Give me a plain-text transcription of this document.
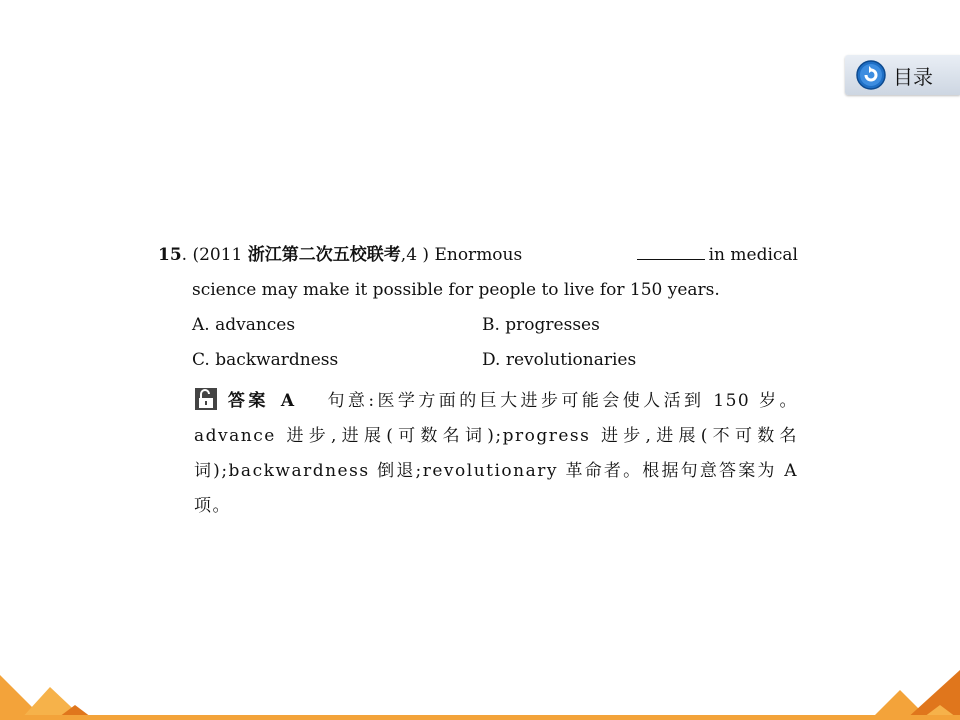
目录
15. (2011 浙江第二次五校联考,4 ) Enormous	in medical
science may make it possible for people to live for 150 years.
A. advances	B. progresses
C. backwardness	D. revolutionaries
答案 A 句意:医学方面的巨大进步可能会使人活到 150 岁。advance 进步,进展(可数名词);progress 进步,进展(不可数名词);backwardness 倒退;revolutionary 革命者。根据句意答案为 A 项。
